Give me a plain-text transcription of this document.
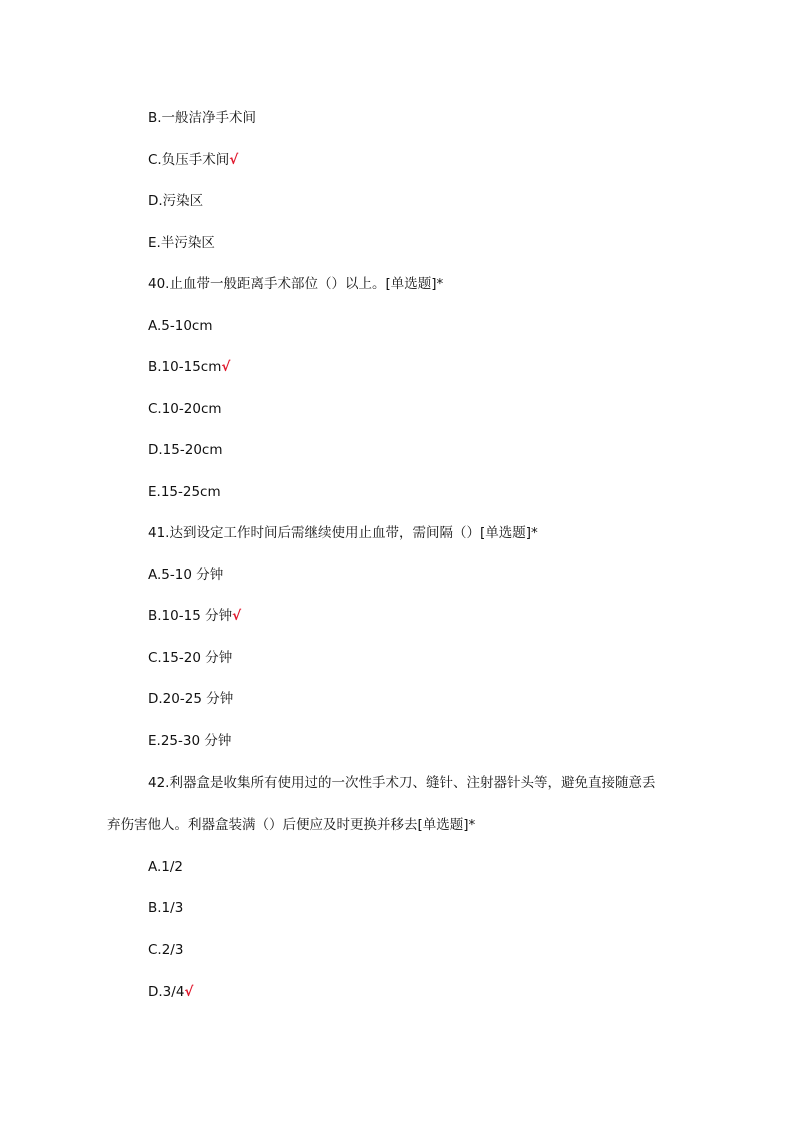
B.一般洁净手术间
C.负压手术间√
D.污染区
E.半污染区
40.止血带一般距离手术部位（）以上。[单选题]*
A.5-10cm
B.10-15cm√
C.10-20cm
D.15-20cm
E.15-25cm
41.达到设定工作时间后需继续使用止血带，需间隔（）[单选题]*
A.5-10 分钟
B.10-15 分钟√
C.15-20 分钟
D.20-25 分钟
E.25-30 分钟
42.利器盒是收集所有使用过的一次性手术刀、缝针、注射器针头等，避免直接随意丢
弃伤害他人。利器盒装满（）后便应及时更换并移去[单选题]*
A.1/2
B.1/3
C.2/3
D.3/4√
